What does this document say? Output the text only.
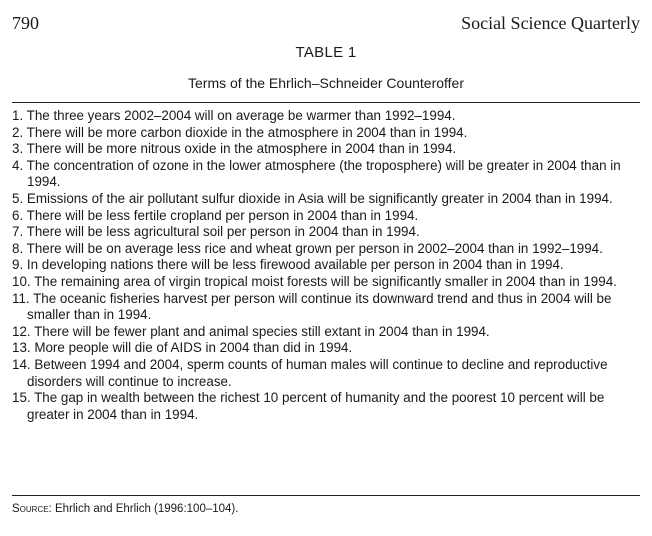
790	Social Science Quarterly
TABLE 1
Terms of the Ehrlich–Schneider Counteroffer
1. The three years 2002–2004 will on average be warmer than 1992–1994.
2. There will be more carbon dioxide in the atmosphere in 2004 than in 1994.
3. There will be more nitrous oxide in the atmosphere in 2004 than in 1994.
4. The concentration of ozone in the lower atmosphere (the troposphere) will be greater in 2004 than in 1994.
5. Emissions of the air pollutant sulfur dioxide in Asia will be significantly greater in 2004 than in 1994.
6. There will be less fertile cropland per person in 2004 than in 1994.
7. There will be less agricultural soil per person in 2004 than in 1994.
8. There will be on average less rice and wheat grown per person in 2002–2004 than in 1992–1994.
9. In developing nations there will be less firewood available per person in 2004 than in 1994.
10. The remaining area of virgin tropical moist forests will be significantly smaller in 2004 than in 1994.
11. The oceanic fisheries harvest per person will continue its downward trend and thus in 2004 will be smaller than in 1994.
12. There will be fewer plant and animal species still extant in 2004 than in 1994.
13. More people will die of AIDS in 2004 than did in 1994.
14. Between 1994 and 2004, sperm counts of human males will continue to decline and reproductive disorders will continue to increase.
15. The gap in wealth between the richest 10 percent of humanity and the poorest 10 percent will be greater in 2004 than in 1994.
Source: Ehrlich and Ehrlich (1996:100–104).
